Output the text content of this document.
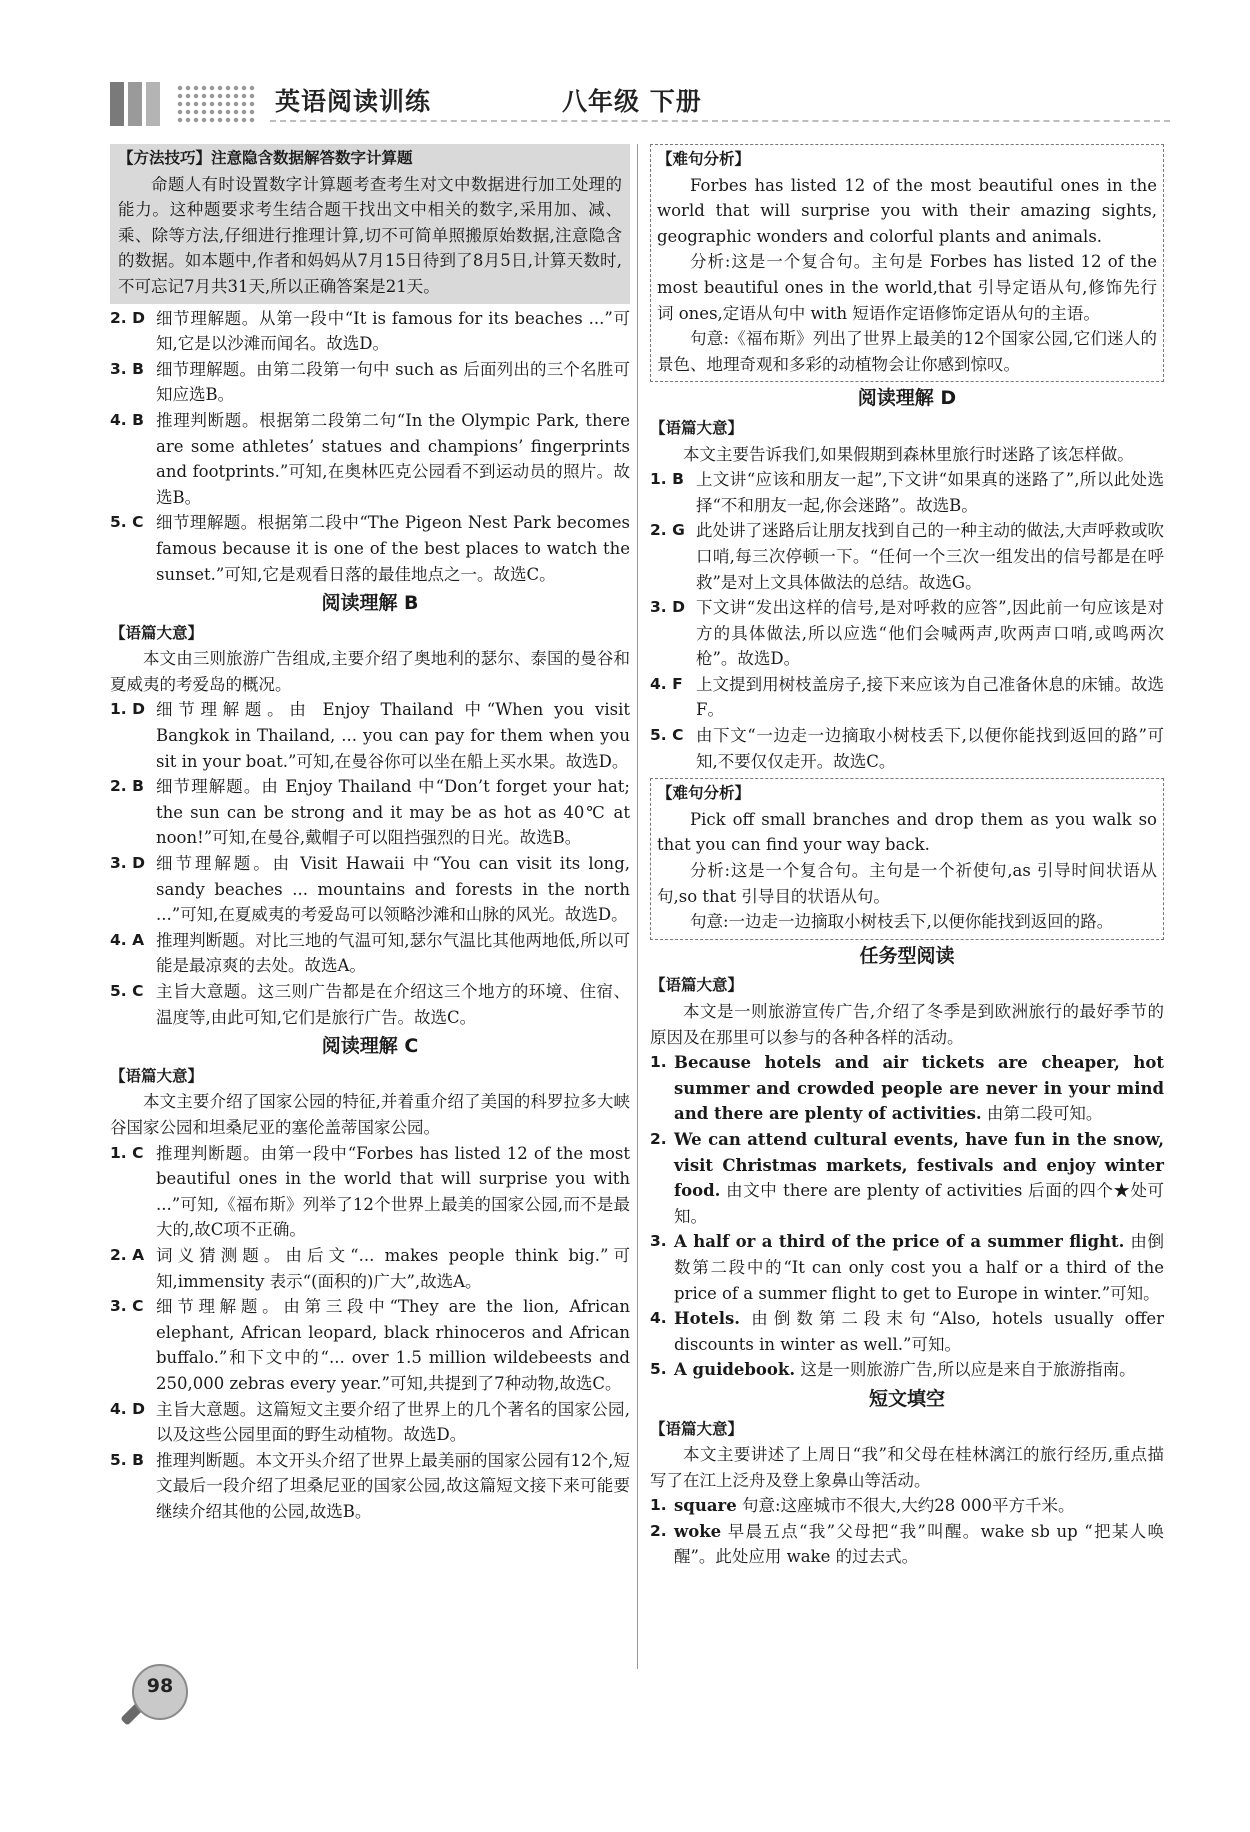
英语阅读训练	八年级 下册

【方法技巧】注意隐含数据解答数字计算题

命题人有时设置数字计算题考查考生对文中数据进行加工处理的能力。这种题要求考生结合题干找出文中相关的数字,采用加、减、乘、除等方法,仔细进行推理计算,切不可简单照搬原始数据,注意隐含的数据。如本题中,作者和妈妈从7月15日待到了8月5日,计算天数时,不可忘记7月共31天,所以正确答案是21天。

2. D 细节理解题。从第一段中“It is famous for its beaches ...”可知,它是以沙滩而闻名。故选D。
3. B 细节理解题。由第二段第一句中 such as 后面列出的三个名胜可知应选B。
4. B 推理判断题。根据第二段第二句“In the Olympic Park, there are some athletes’ statues and champions’ fingerprints and footprints.”可知,在奥林匹克公园看不到运动员的照片。故选B。
5. C 细节理解题。根据第二段中“The Pigeon Nest Park becomes famous because it is one of the best places to watch the sunset.”可知,它是观看日落的最佳地点之一。故选C。
阅读理解 B

【语篇大意】

本文由三则旅游广告组成,主要介绍了奥地利的瑟尔、泰国的曼谷和夏威夷的考爱岛的概况。

1. D 细节理解题。由 Enjoy Thailand 中“When you visit Bangkok in Thailand, ... you can pay for them when you sit in your boat.”可知,在曼谷你可以坐在船上买水果。故选D。
2. B 细节理解题。由 Enjoy Thailand 中“Don’t forget your hat; the sun can be strong and it may be as hot as 40℃ at noon!”可知,在曼谷,戴帽子可以阻挡强烈的日光。故选B。
3. D 细节理解题。由 Visit Hawaii 中“You can visit its long, sandy beaches ... mountains and forests in the north ...”可知,在夏威夷的考爱岛可以领略沙滩和山脉的风光。故选D。
4. A 推理判断题。对比三地的气温可知,瑟尔气温比其他两地低,所以可能是最凉爽的去处。故选A。
5. C 主旨大意题。这三则广告都是在介绍这三个地方的环境、住宿、温度等,由此可知,它们是旅行广告。故选C。
阅读理解 C

【语篇大意】

本文主要介绍了国家公园的特征,并着重介绍了美国的科罗拉多大峡谷国家公园和坦桑尼亚的塞伦盖蒂国家公园。

1. C 推理判断题。由第一段中“Forbes has listed 12 of the most beautiful ones in the world that will surprise you with ...”可知,《福布斯》列举了12个世界上最美的国家公园,而不是最大的,故C项不正确。
2. A 词义猜测题。由后文“... makes people think big.”可知,immensity 表示“(面积的)广大”,故选A。
3. C 细节理解题。由第三段中“They are the lion, African elephant, African leopard, black rhinoceros and African buffalo.”和下文中的“... over 1.5 million wildebeests and 250,000 zebras every year.”可知,共提到了7种动物,故选C。
4. D 主旨大意题。这篇短文主要介绍了世界上的几个著名的国家公园,以及这些公园里面的野生动植物。故选D。
5. B 推理判断题。本文开头介绍了世界上最美丽的国家公园有12个,短文最后一段介绍了坦桑尼亚的国家公园,故这篇短文接下来可能要继续介绍其他的公园,故选B。

【难句分析】

Forbes has listed 12 of the most beautiful ones in the world that will surprise you with their amazing sights, geographic wonders and colorful plants and animals.

分析:这是一个复合句。主句是 Forbes has listed 12 of the most beautiful ones in the world,that 引导定语从句,修饰先行词 ones,定语从句中 with 短语作定语修饰定语从句的主语。

句意:《福布斯》列出了世界上最美的12个国家公园,它们迷人的景色、地理奇观和多彩的动植物会让你感到惊叹。

阅读理解 D

【语篇大意】

本文主要告诉我们,如果假期到森林里旅行时迷路了该怎样做。

1. B 上文讲“应该和朋友一起”,下文讲“如果真的迷路了”,所以此处选择“不和朋友一起,你会迷路”。故选B。
2. G 此处讲了迷路后让朋友找到自己的一种主动的做法,大声呼救或吹口哨,每三次停顿一下。“任何一个三次一组发出的信号都是在呼救”是对上文具体做法的总结。故选G。
3. D 下文讲“发出这样的信号,是对呼救的应答”,因此前一句应该是对方的具体做法,所以应选“他们会喊两声,吹两声口哨,或鸣两次枪”。故选D。
4. F 上文提到用树枝盖房子,接下来应该为自己准备休息的床铺。故选F。
5. C 由下文“一边走一边摘取小树枝丢下,以便你能找到返回的路”可知,不要仅仅走开。故选C。

【难句分析】

Pick off small branches and drop them as you walk so that you can find your way back.

分析:这是一个复合句。主句是一个祈使句,as 引导时间状语从句,so that 引导目的状语从句。

句意:一边走一边摘取小树枝丢下,以便你能找到返回的路。

任务型阅读

【语篇大意】

本文是一则旅游宣传广告,介绍了冬季是到欧洲旅行的最好季节的原因及在那里可以参与的各种各样的活动。

1. Because hotels and air tickets are cheaper, hot summer and crowded people are never in your mind and there are plenty of activities. 由第二段可知。
2. We can attend cultural events, have fun in the snow, visit Christmas markets, festivals and enjoy winter food. 由文中 there are plenty of activities 后面的四个★处可知。
3. A half or a third of the price of a summer flight. 由倒数第二段中的“It can only cost you a half or a third of the price of a summer flight to get to Europe in winter.”可知。
4. Hotels. 由倒数第二段末句“Also, hotels usually offer discounts in winter as well.”可知。
5. A guidebook. 这是一则旅游广告,所以应是来自于旅游指南。
短文填空

【语篇大意】

本文主要讲述了上周日“我”和父母在桂林漓江的旅行经历,重点描写了在江上泛舟及登上象鼻山等活动。

1. square 句意:这座城市不很大,大约28 000平方千米。
2. woke 早晨五点“我”父母把“我”叫醒。wake sb up “把某人唤醒”。此处应用 wake 的过去式。
98
